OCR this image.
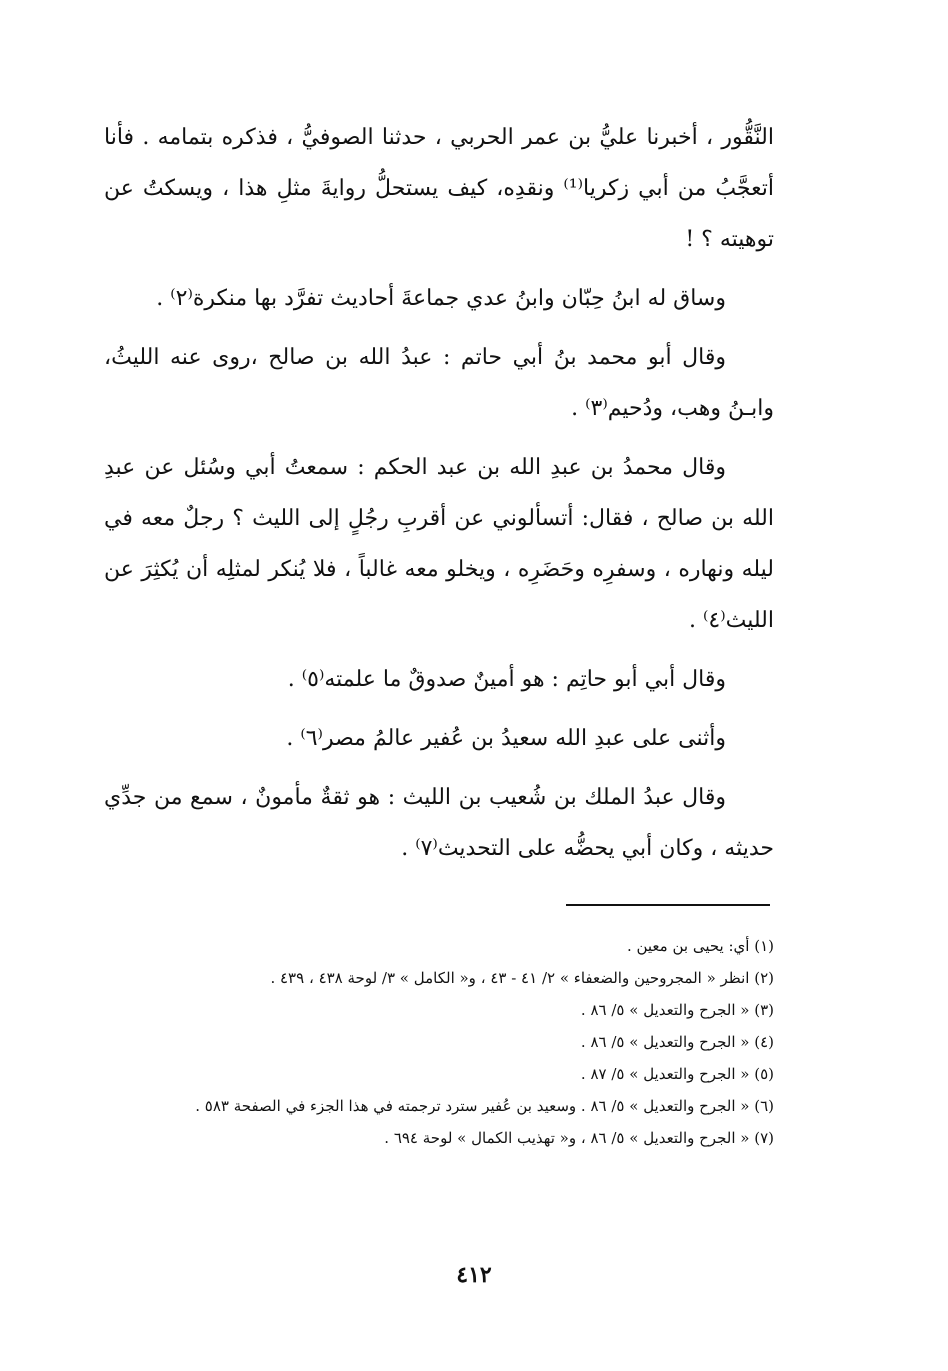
النَّقُّور ، أخبرنا عليُّ بن عمر الحربي ، حدثنا الصوفيُّ ، فذكره بتمامه . فأنا أتعجَّبُ من أبي زكريا⁽¹⁾ ونقدِه، كيف يستحلُّ روايةَ مثلِ هذا ، ويسكتُ عن توهيته ؟ !

وساق له ابنُ حِبّان وابنُ عدي جماعةَ أحاديث تفرَّد بها منكرة⁽٢⁾ .

وقال أبو محمد بنُ أبي حاتم : عبدُ الله بن صالح ،روى عنه الليثُ، وابـنُ وهب، ودُحيم⁽٣⁾ .

وقال محمدُ بن عبدِ الله بن عبد الحكم : سمعتُ أبي وسُئل عن عبدِ الله بن صالح ، فقال: أتسألوني عن أقربِ رجُلٍ إلى الليث ؟ رجلٌ معه في ليله ونهاره ، وسفرِه وحَضَرِه ، ويخلو معه غالباً ، فلا يُنكر لمثلِه أن يُكثِرَ عن الليث⁽٤⁾ .

وقال أبي أبو حاتِم : هو أمينٌ صدوقٌ ما علمته⁽٥⁾ .

وأثنى على عبدِ الله سعيدُ بن عُفير عالمُ مصر⁽٦⁾ .

وقال عبدُ الملك بن شُعيب بن الليث : هو ثقةٌ مأمونٌ ، سمع من جدِّي حديثه ، وكان أبي يحضُّه على التحديث⁽٧⁾ .

(١) أي: يحيى بن معين .

(٢) انظر « المجروحين والضعفاء » ٢/ ٤١ - ٤٣ ، و« الكامل » ٣/ لوحة ٤٣٨ ، ٤٣٩ .

(٣) « الجرح والتعديل » ٥/ ٨٦ .

(٤) « الجرح والتعديل » ٥/ ٨٦ .

(٥) « الجرح والتعديل » ٥/ ٨٧ .

(٦) « الجرح والتعديل » ٥/ ٨٦ . وسعيد بن عُفير سترد ترجمته في هذا الجزء في الصفحة ٥٨٣ .

(٧) « الجرح والتعديل » ٥/ ٨٦ ، و« تهذيب الكمال » لوحة ٦٩٤ .

٤١٢
